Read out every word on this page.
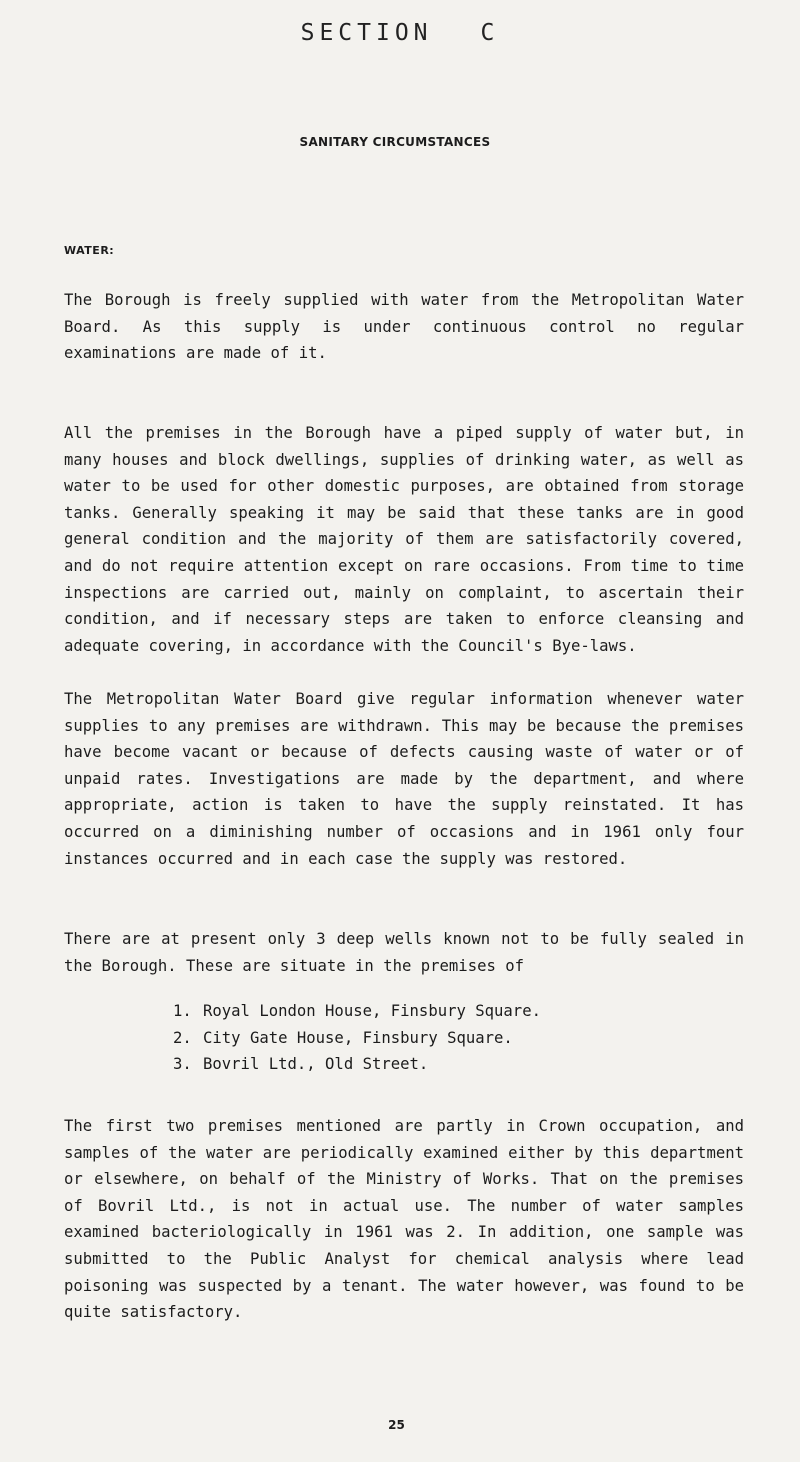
SECTION C
SANITARY CIRCUMSTANCES
WATER:

The Borough is freely supplied with water from the Metropolitan Water Board. As this supply is under continuous control no regular examinations are made of it.

All the premises in the Borough have a piped supply of water but, in many houses and block dwellings, supplies of drinking water, as well as water to be used for other domestic purposes, are obtained from storage tanks. Generally speaking it may be said that these tanks are in good general condition and the majority of them are satisfactorily covered, and do not require attention except on rare occasions. From time to time inspections are carried out, mainly on complaint, to ascertain their condition, and if necessary steps are taken to enforce cleansing and adequate covering, in accordance with the Council's Bye-laws.

The Metropolitan Water Board give regular information whenever water supplies to any premises are withdrawn. This may be because the premises have become vacant or because of defects causing waste of water or of unpaid rates. Investigations are made by the department, and where appropriate, action is taken to have the supply reinstated. It has occurred on a diminishing number of occasions and in 1961 only four instances occurred and in each case the supply was restored.

There are at present only 3 deep wells known not to be fully sealed in the Borough. These are situate in the premises of

1. Royal London House, Finsbury Square.
2. City Gate House, Finsbury Square.
3. Bovril Ltd., Old Street.

The first two premises mentioned are partly in Crown occupation, and samples of the water are periodically examined either by this department or elsewhere, on behalf of the Ministry of Works. That on the premises of Bovril Ltd., is not in actual use. The number of water samples examined bacteriologically in 1961 was 2. In addition, one sample was submitted to the Public Analyst for chemical analysis where lead poisoning was suspected by a tenant. The water however, was found to be quite satisfactory.

25
